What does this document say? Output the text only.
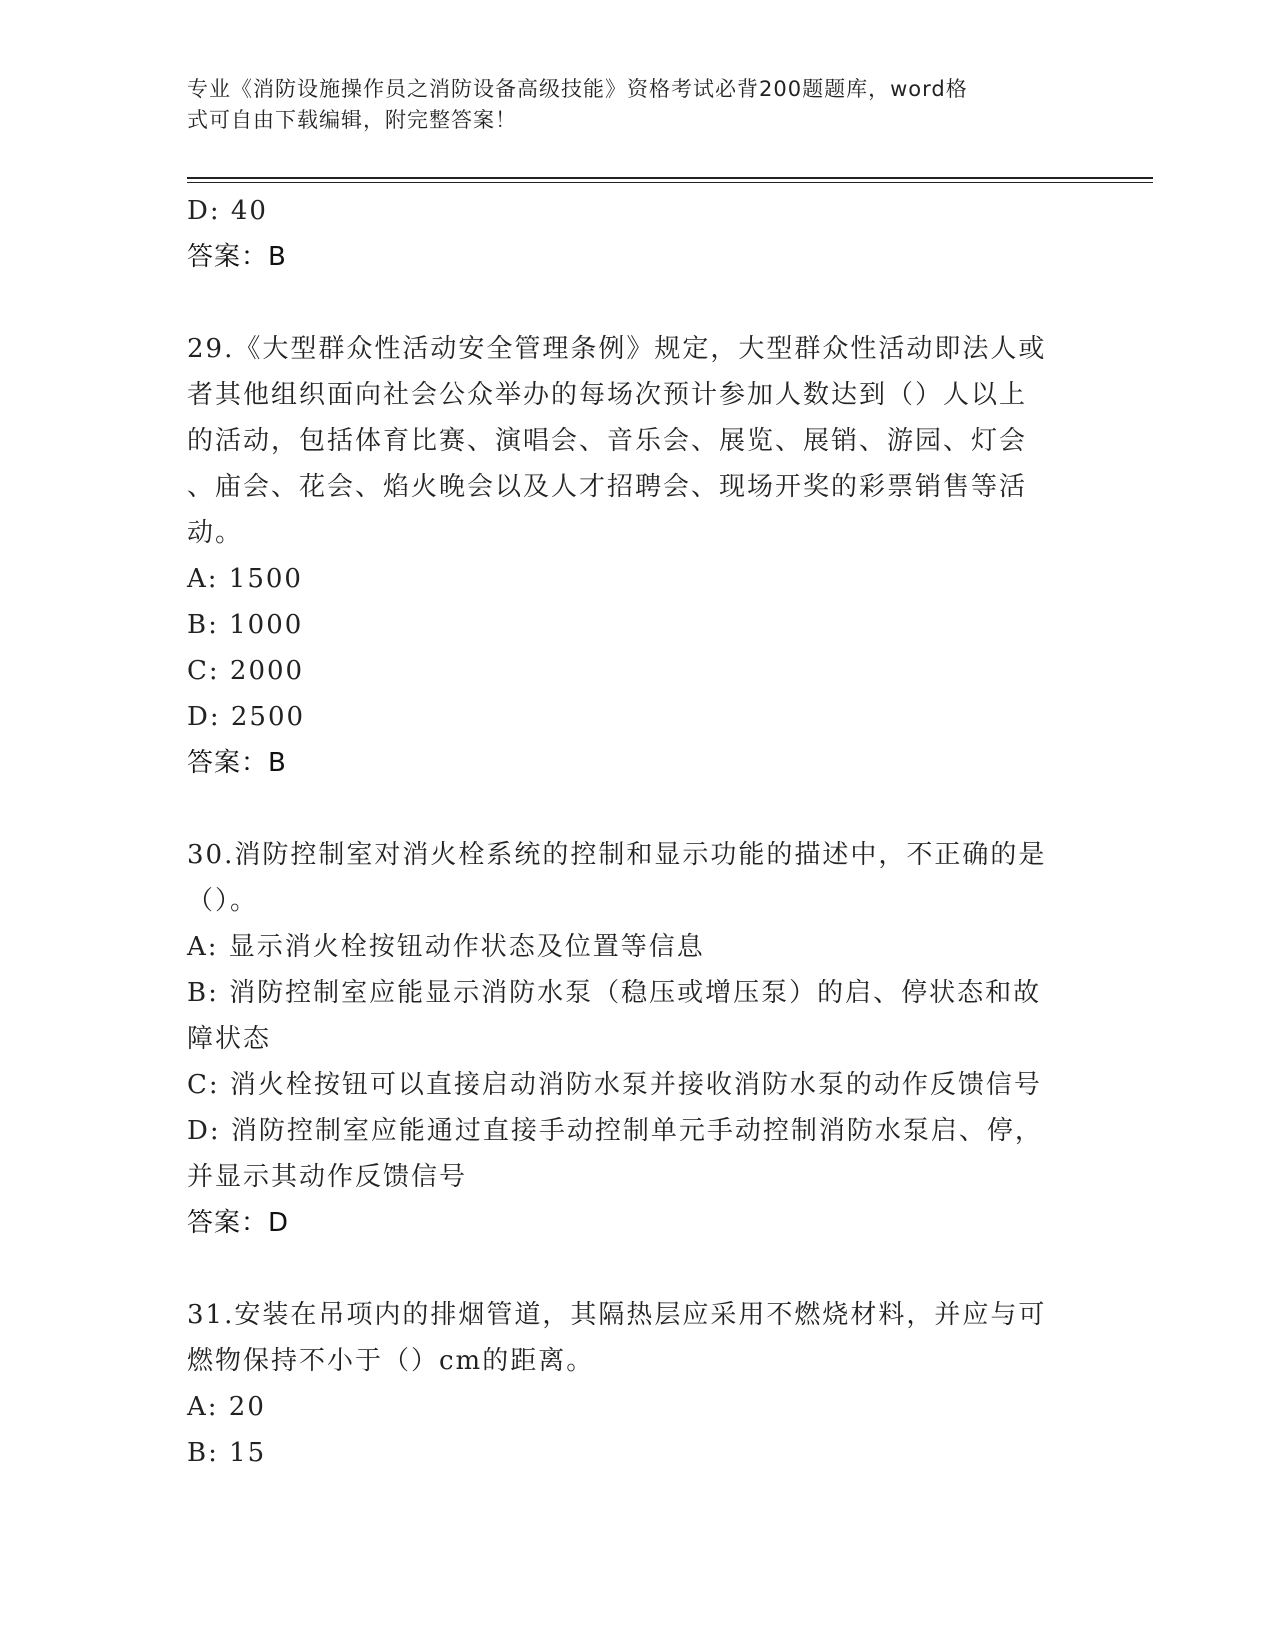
专业《消防设施操作员之消防设备高级技能》资格考试必背200题题库，word格
式可自由下载编辑，附完整答案！
D: 40
答案：B
29.《大型群众性活动安全管理条例》规定，大型群众性活动即法人或
者其他组织面向社会公众举办的每场次预计参加人数达到（）人以上
的活动，包括体育比赛、演唱会、音乐会、展览、展销、游园、灯会
、庙会、花会、焰火晚会以及人才招聘会、现场开奖的彩票销售等活
动。
A: 1500
B: 1000
C: 2000
D: 2500
答案：B
30.消防控制室对消火栓系统的控制和显示功能的描述中，不正确的是
（）。
A: 显示消火栓按钮动作状态及位置等信息
B: 消防控制室应能显示消防水泵（稳压或增压泵）的启、停状态和故
障状态
C: 消火栓按钮可以直接启动消防水泵并接收消防水泵的动作反馈信号
D: 消防控制室应能通过直接手动控制单元手动控制消防水泵启、停，
并显示其动作反馈信号
答案：D
31.安装在吊项内的排烟管道，其隔热层应采用不燃烧材料，并应与可
燃物保持不小于（）cm的距离。
A: 20
B: 15
